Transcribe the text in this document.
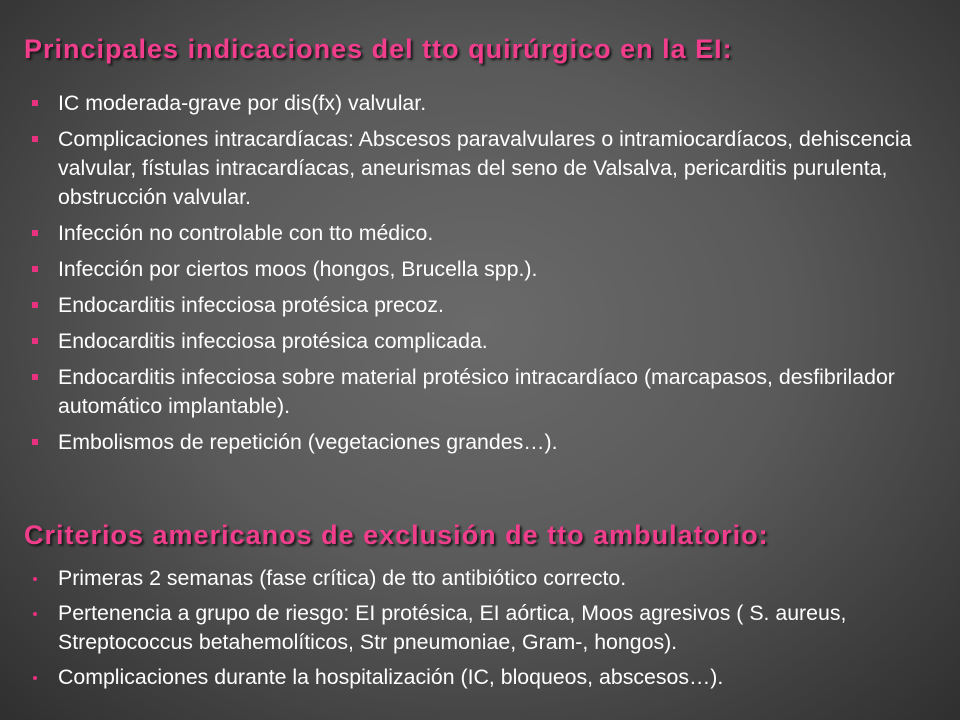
Principales indicaciones del tto quirúrgico en la EI:
IC moderada-grave por dis(fx) valvular.
Complicaciones intracardíacas: Abscesos paravalvulares o intramiocardíacos, dehiscencia valvular, fístulas intracardíacas, aneurismas del seno de Valsalva, pericarditis purulenta, obstrucción valvular.
Infección no controlable con tto médico.
Infección por ciertos moos (hongos, Brucella spp.).
Endocarditis infecciosa protésica precoz.
Endocarditis infecciosa protésica complicada.
Endocarditis infecciosa sobre material protésico intracardíaco (marcapasos, desfibrilador automático implantable).
Embolismos de repetición (vegetaciones grandes…).
Criterios americanos de exclusión de tto ambulatorio:
Primeras 2 semanas (fase crítica) de tto antibiótico correcto.
Pertenencia a grupo de riesgo: EI protésica, EI aórtica, Moos agresivos ( S. aureus, Streptococcus betahemolíticos, Str pneumoniae, Gram-, hongos).
Complicaciones durante la hospitalización (IC, bloqueos, abscesos…).
